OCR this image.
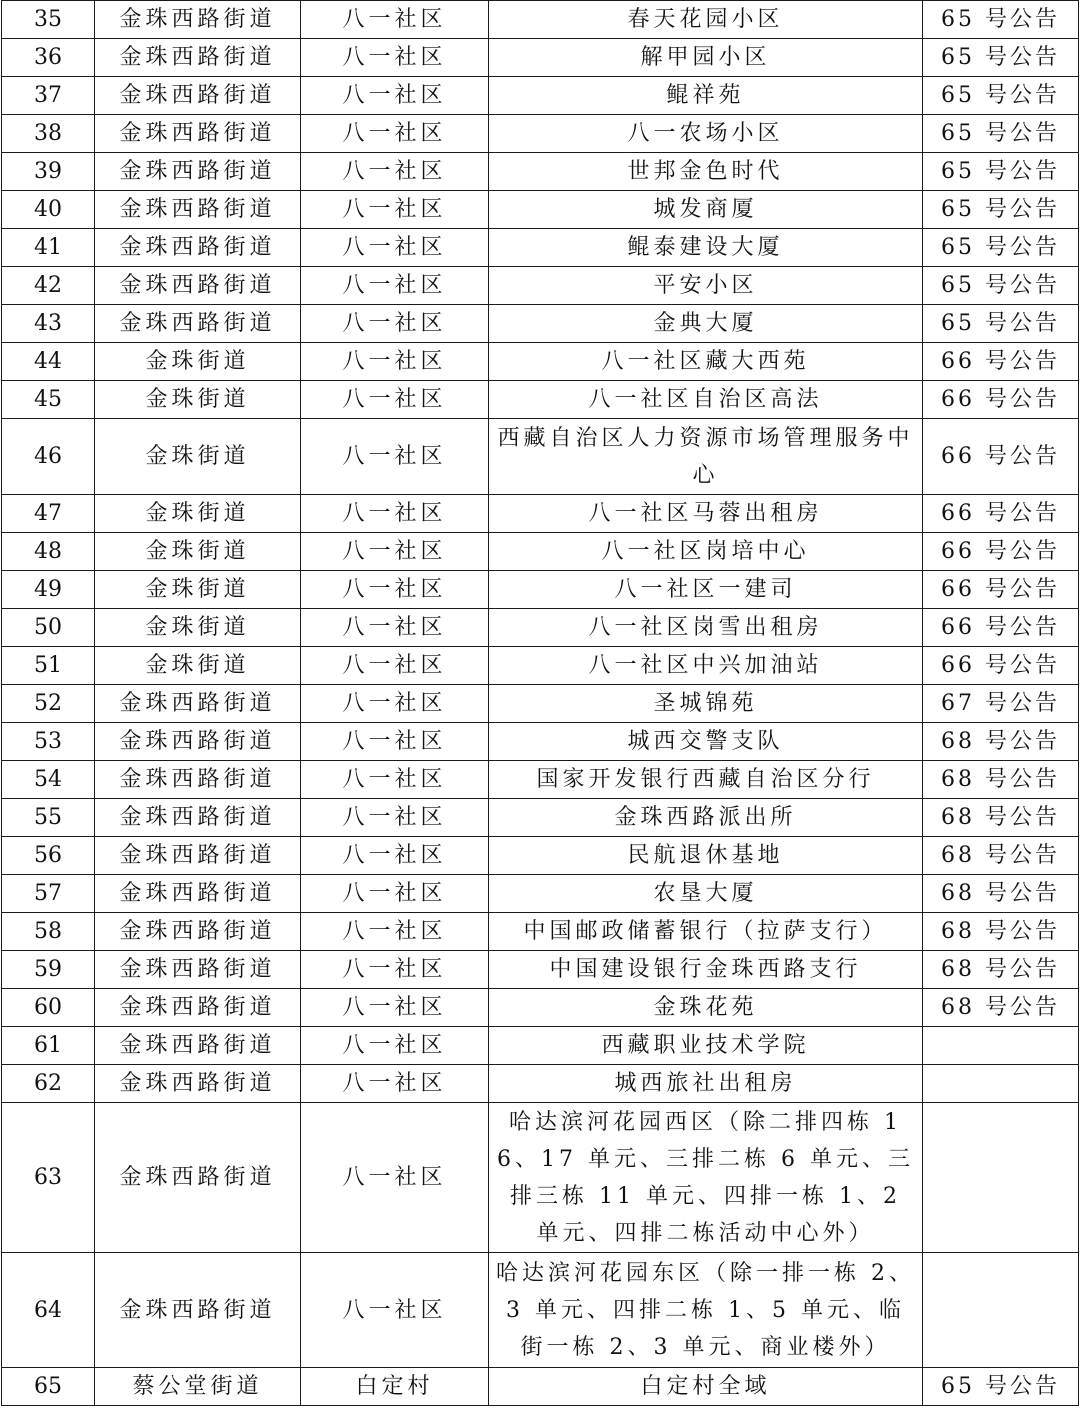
35	金珠西路街道	八一社区	春天花园小区	65 号公告
36	金珠西路街道	八一社区	解甲园小区	65 号公告
37	金珠西路街道	八一社区	鲲祥苑	65 号公告
38	金珠西路街道	八一社区	八一农场小区	65 号公告
39	金珠西路街道	八一社区	世邦金色时代	65 号公告
40	金珠西路街道	八一社区	城发商厦	65 号公告
41	金珠西路街道	八一社区	鲲泰建设大厦	65 号公告
42	金珠西路街道	八一社区	平安小区	65 号公告
43	金珠西路街道	八一社区	金典大厦	65 号公告
44	金珠街道	八一社区	八一社区藏大西苑	66 号公告
45	金珠街道	八一社区	八一社区自治区高法	66 号公告
46	金珠街道	八一社区	西藏自治区人力资源市场管理服务中心	66 号公告
47	金珠街道	八一社区	八一社区马蓉出租房	66 号公告
48	金珠街道	八一社区	八一社区岗培中心	66 号公告
49	金珠街道	八一社区	八一社区一建司	66 号公告
50	金珠街道	八一社区	八一社区岗雪出租房	66 号公告
51	金珠街道	八一社区	八一社区中兴加油站	66 号公告
52	金珠西路街道	八一社区	圣城锦苑	67 号公告
53	金珠西路街道	八一社区	城西交警支队	68 号公告
54	金珠西路街道	八一社区	国家开发银行西藏自治区分行	68 号公告
55	金珠西路街道	八一社区	金珠西路派出所	68 号公告
56	金珠西路街道	八一社区	民航退休基地	68 号公告
57	金珠西路街道	八一社区	农垦大厦	68 号公告
58	金珠西路街道	八一社区	中国邮政储蓄银行（拉萨支行）	68 号公告
59	金珠西路街道	八一社区	中国建设银行金珠西路支行	68 号公告
60	金珠西路街道	八一社区	金珠花苑	68 号公告
61	金珠西路街道	八一社区	西藏职业技术学院	
62	金珠西路街道	八一社区	城西旅社出租房	
63	金珠西路街道	八一社区	哈达滨河花园西区（除二排四栋 16、17 单元、三排二栋 6 单元、三排三栋 11 单元、四排一栋 1、2 单元、四排二栋活动中心外）	
64	金珠西路街道	八一社区	哈达滨河花园东区（除一排一栋 2、3 单元、四排二栋 1、5 单元、临街一栋 2、3 单元、商业楼外）	
65	蔡公堂街道	白定村	白定村全域	65 号公告
